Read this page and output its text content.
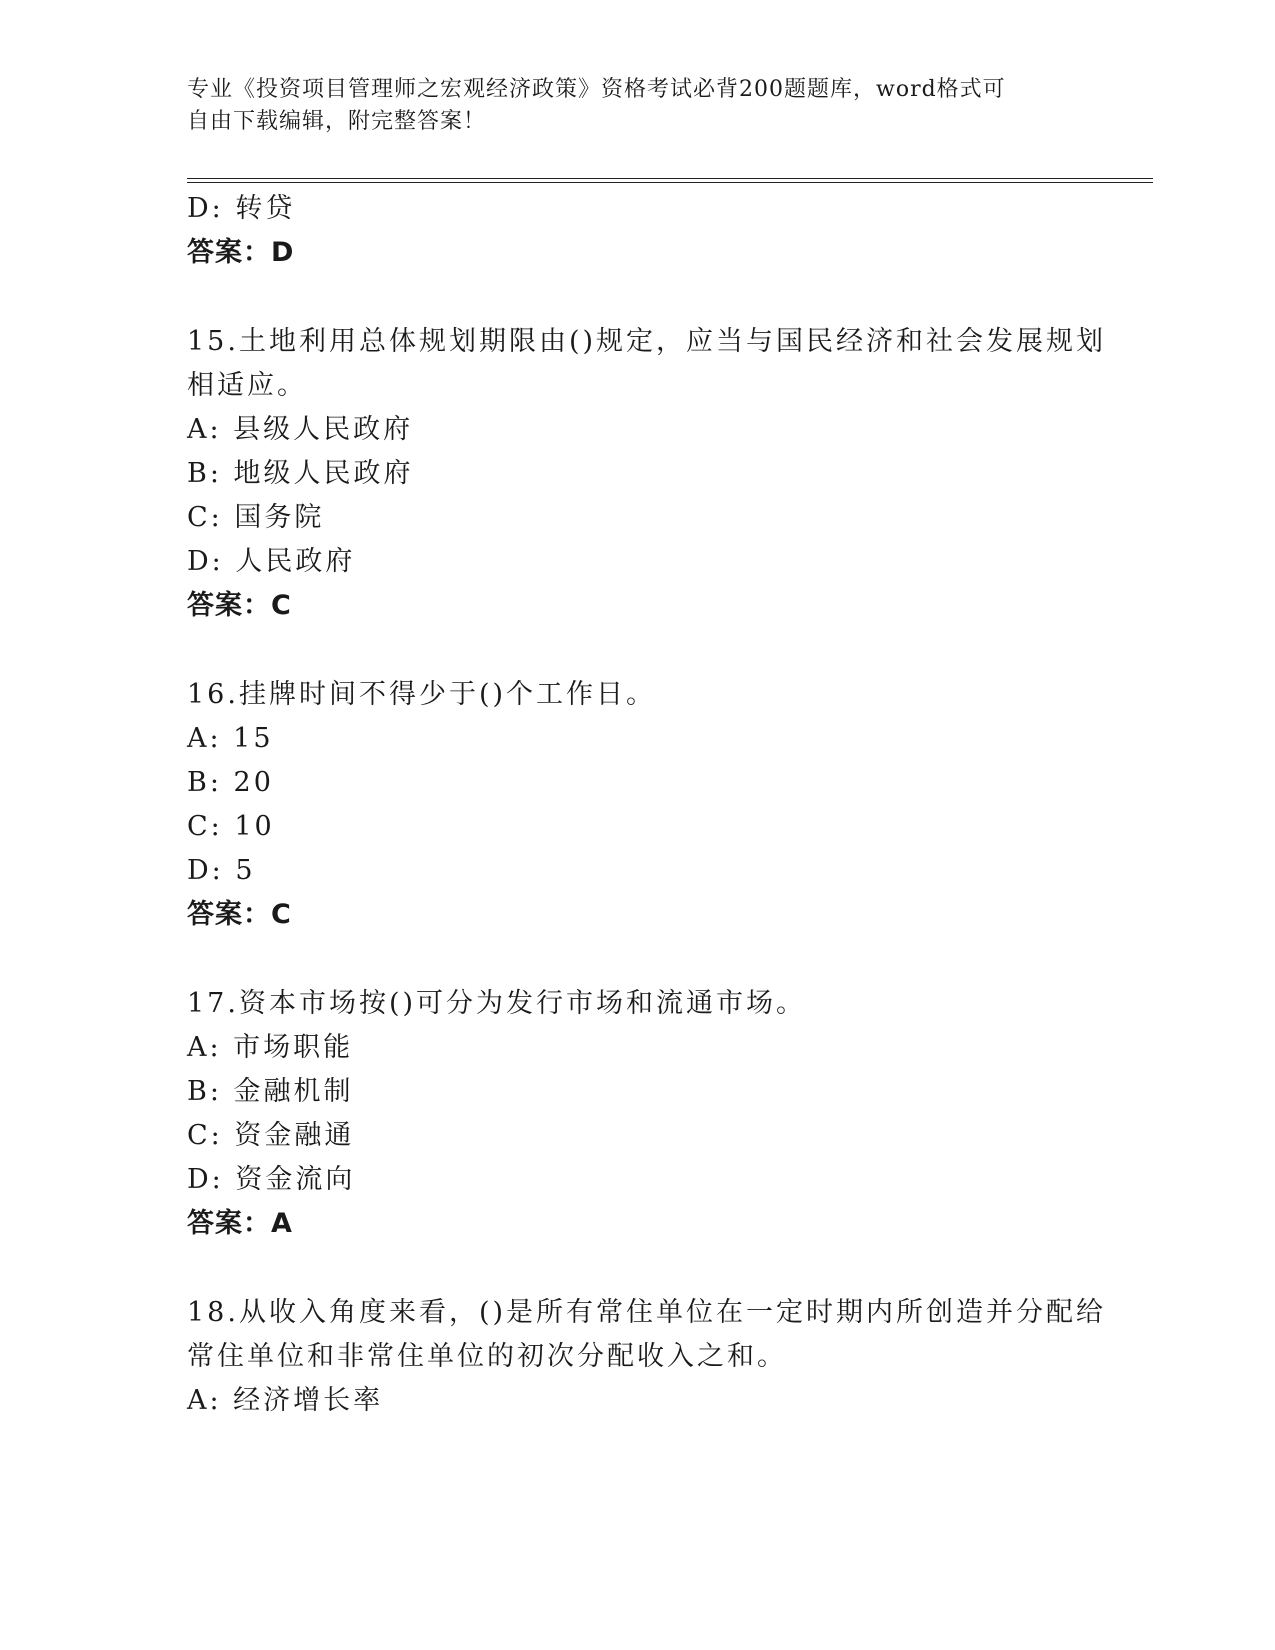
专业《投资项目管理师之宏观经济政策》资格考试必背200题题库，word格式可
自由下载编辑，附完整答案！
D: 转贷
答案：D
15.土地利用总体规划期限由()规定，应当与国民经济和社会发展规划
相适应。
A: 县级人民政府
B: 地级人民政府
C: 国务院
D: 人民政府
答案：C
16.挂牌时间不得少于()个工作日。
A: 15
B: 20
C: 10
D: 5
答案：C
17.资本市场按()可分为发行市场和流通市场。
A: 市场职能
B: 金融机制
C: 资金融通
D: 资金流向
答案：A
18.从收入角度来看，()是所有常住单位在一定时期内所创造并分配给
常住单位和非常住单位的初次分配收入之和。
A: 经济增长率
